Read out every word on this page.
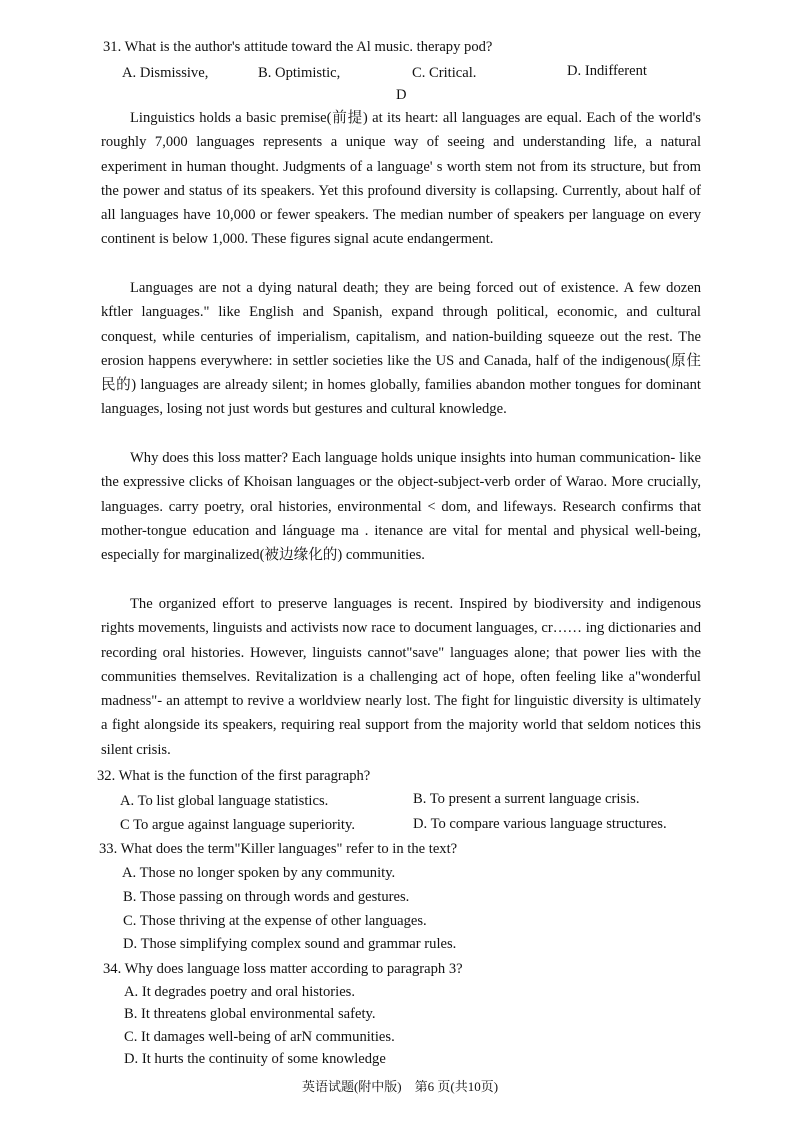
31. What is the author's attitude toward the Al music. therapy pod?
A. Dismissive,	B. Optimistic,	C. Critical.	D. Indifferent
D
Linguistics holds a basic premise(前提) at its heart: all languages are equal. Each of the world's roughly 7,000 languages represents a unique way of seeing and understanding life, a natural experiment in human thought. Judgments of a language' s worth stem not from its structure, but from the power and status of its speakers. Yet this profound diversity is collapsing. Currently, about half of all languages have 10,000 or fewer speakers. The median number of speakers per language on every continent is below 1,000. These figures signal acute endangerment.
Languages are not a dying natural death; they are being forced out of existence. A few dozen kftler languages." like English and Spanish, expand through political, economic, and cultural conquest, while centuries of imperialism, capitalism, and nation-building squeeze out the rest. The erosion happens everywhere: in settler societies like the US and Canada, half of the indigenous(原住民的) languages are already silent; in homes globally, families abandon mother tongues for dominant languages, losing not just words but gestures and cultural knowledge.
Why does this loss matter? Each language holds unique insights into human communication- like the expressive clicks of Khoisan languages or the object-subject-verb order of Warao. More crucially, languages. carry poetry, oral histories, environmental < dom, and lifeways. Research confirms that mother-tongue education and lánguage ma . itenance are vital for mental and physical well-being, especially for marginalized(被边缘化的) communities.
The organized effort to preserve languages is recent. Inspired by biodiversity and indigenous rights movements, linguists and activists now race to document languages, cr…… ing dictionaries and recording oral histories. However, linguists cannot"save" languages alone; that power lies with the communities themselves. Revitalization is a challenging act of hope, often feeling like a"wonderful madness"- an attempt to revive a worldview nearly lost. The fight for linguistic diversity is ultimately a fight alongside its speakers, requiring real support from the majority world that seldom notices this silent crisis.
32. What is the function of the first paragraph?
A. To list global language statistics.	B. To present a surrent language crisis.
C To argue against language superiority.	D. To compare various language structures.
33. What does the term"Killer languages" refer to in the text?
A. Those no longer spoken by any community.
B. Those passing on through words and gestures.
C. Those thriving at the expense of other languages.
D. Those simplifying complex sound and grammar rules.
34. Why does language loss matter according to paragraph 3?
A. It degrades poetry and oral histories.
B. It threatens global environmental safety.
C. It damages well-being of arN communities.
D. It hurts the continuity of some knowledge
英语试题(附中版)　第6 页(共10页)
